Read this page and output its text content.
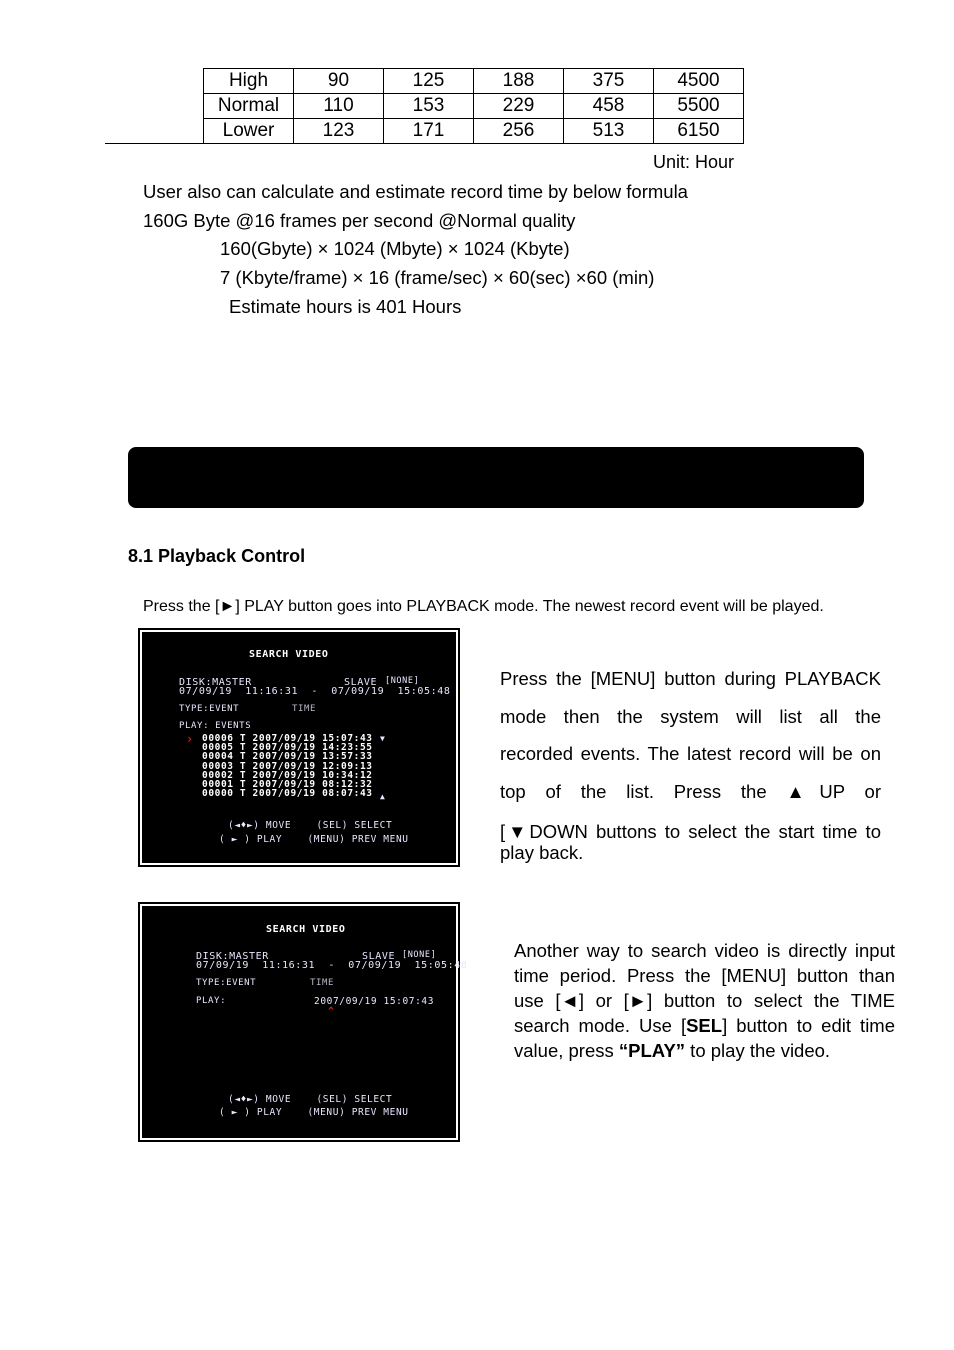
	High	90	125	188	375	4500
	Normal	110	153	229	458	5500
	Lower	123	171	256	513	6150
Unit: Hour
User also can calculate and estimate record time by below formula
160G Byte @16 frames per second @Normal quality
160(Gbyte) × 1024 (Mbyte) × 1024 (Kbyte)
7 (Kbyte/frame) × 16 (frame/sec) × 60(sec) ×60 (min)
Estimate hours is 401 Hours
8.1 Playback Control
Press the [►] PLAY button goes into PLAYBACK mode. The newest record event will be played.
SEARCH VIDEO
DISK:MASTER	SLAVE [NONE]
07/09/19  11:16:31  -  07/09/19  15:05:48
TYPE:EVENT	TIME
PLAY: EVENTS
› 00006 T 2007/09/19 15:07:43
00005 T 2007/09/19 14:23:55
00004 T 2007/09/19 13:57:33
00003 T 2007/09/19 12:09:13
00002 T 2007/09/19 10:34:12
00001 T 2007/09/19 08:12:32
00000 T 2007/09/19 08:07:43
▼
▲
(◄♦►) MOVE    (SEL) SELECT
( ► ) PLAY    (MENU) PREV MENU
SEARCH VIDEO
DISK:MASTER	SLAVE [NONE]
07/09/19  11:16:31  -  07/09/19  15:05:48
TYPE:EVENT	TIME
PLAY:	2007/09/19 15:07:43
^
(◄♦►) MOVE    (SEL) SELECT
( ► ) PLAY    (MENU) PREV MENU
Press the [MENU] button during PLAYBACK
mode then the system will list all the
recorded events. The latest record will be on
top of the list. Press the ▲UP or
[▼DOWN buttons to select the start time to
play back.
Another way to search video is directly input
time period. Press the [MENU] button than
use [◄] or [►] button to select the TIME
search mode. Use [SEL] button to edit time
value, press “PLAY” to play the video.
